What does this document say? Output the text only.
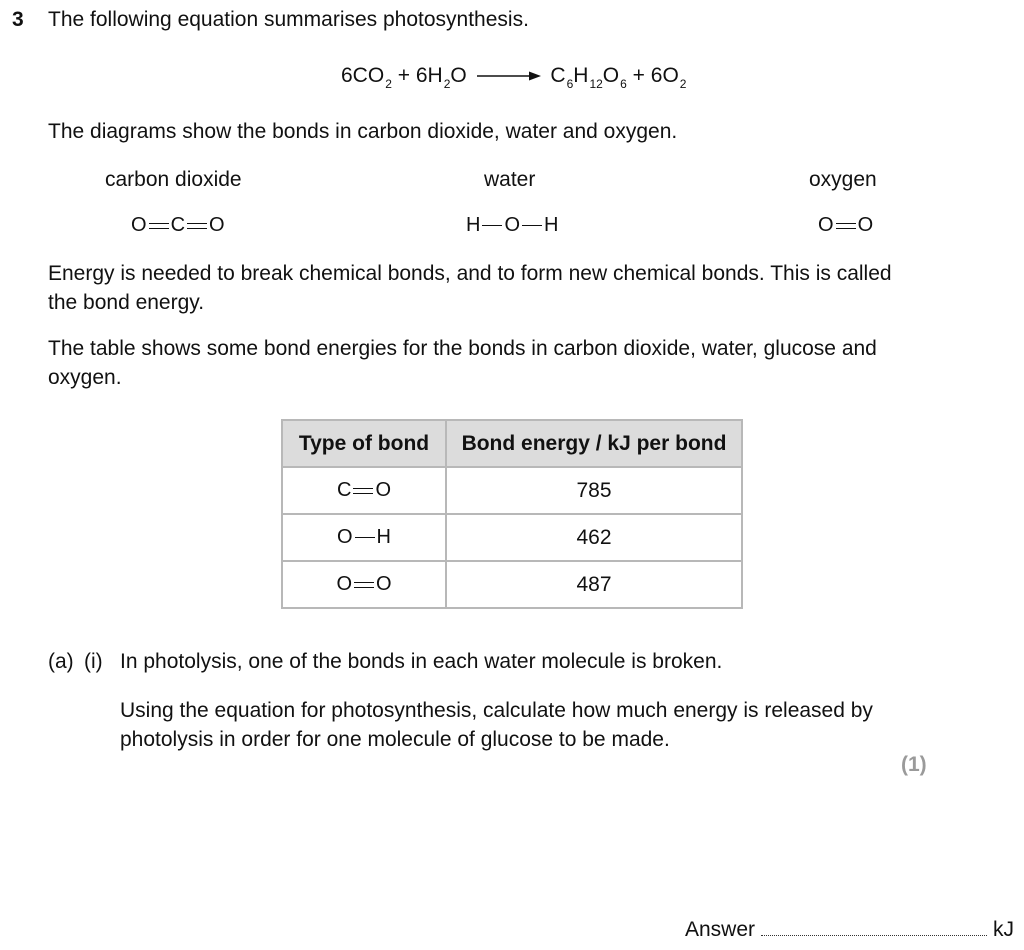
3 The following equation summarises photosynthesis.
$6CO_2 + 6H_2O \to C_6H_{12}O_6 + 6O_2$
The diagrams show the bonds in carbon dioxide, water and oxygen.
carbon dioxide	water	oxygen
O C O	H O H	O O
Energy is needed to break chemical bonds, and to form new chemical bonds. This is called the bond energy.
The table shows some bond energies for the bonds in carbon dioxide, water, glucose and oxygen.
Type of bond	Bond energy / kJ per bond

C O	785

O H	462

O O	487
(a) (i) In photolysis, one of the bonds in each water molecule is broken.
Using the equation for photosynthesis, calculate how much energy is released by photolysis in order for one molecule of glucose to be made.
(1)
Answer	kJ
